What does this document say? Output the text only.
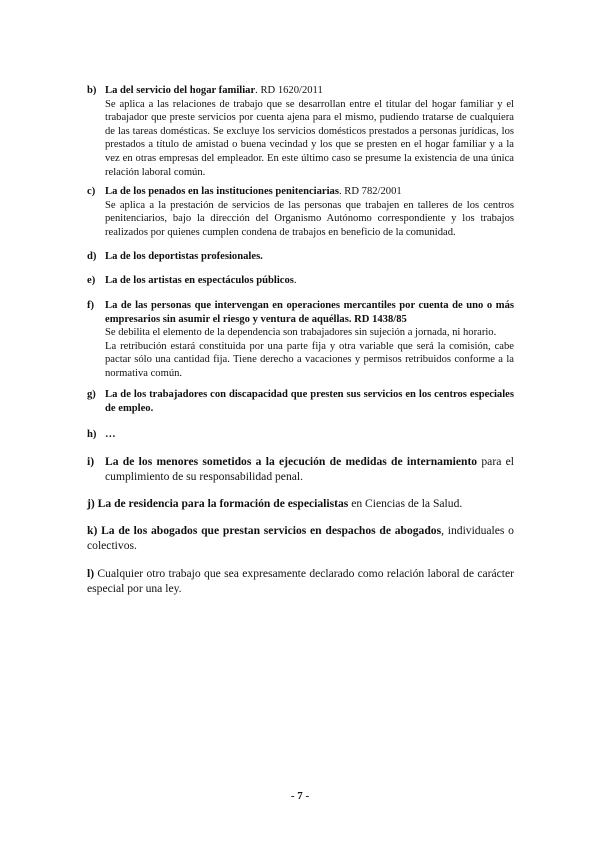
b) La del servicio del hogar familiar. RD 1620/2011
Se aplica a las relaciones de trabajo que se desarrollan entre el titular del hogar familiar y el trabajador que preste servicios por cuenta ajena para el mismo, pudiendo tratarse de cualquiera de las tareas domésticas. Se excluye los servicios domésticos prestados a personas jurídicas, los prestados a título de amistad o buena vecindad y los que se presten en el hogar familiar y a la vez en otras empresas del empleador. En este último caso se presume la existencia de una única relación laboral común.
c) La de los penados en las instituciones penitenciarias. RD 782/2001
Se aplica a la prestación de servicios de las personas que trabajen en talleres de los centros penitenciarios, bajo la dirección del Organismo Autónomo correspondiente y los trabajos realizados por quienes cumplen condena de trabajos en beneficio de la comunidad.
d) La de los deportistas profesionales.
e) La de los artistas en espectáculos públicos.
f) La de las personas que intervengan en operaciones mercantiles por cuenta de uno o más empresarios sin asumir el riesgo y ventura de aquéllas. RD 1438/85
Se debilita el elemento de la dependencia son trabajadores sin sujeción a jornada, ni horario.
La retribución estará constituida por una parte fija y otra variable que será la comisión, cabe pactar sólo una cantidad fija. Tiene derecho a vacaciones y permisos retribuidos conforme a la normativa común.
g) La de los trabajadores con discapacidad que presten sus servicios en los centros especiales de empleo.
h) …
i) La de los menores sometidos a la ejecución de medidas de internamiento para el cumplimiento de su responsabilidad penal.
j) La de residencia para la formación de especialistas en Ciencias de la Salud.
k) La de los abogados que prestan servicios en despachos de abogados, individuales o colectivos.
l) Cualquier otro trabajo que sea expresamente declarado como relación laboral de carácter especial por una ley.
- 7 -
